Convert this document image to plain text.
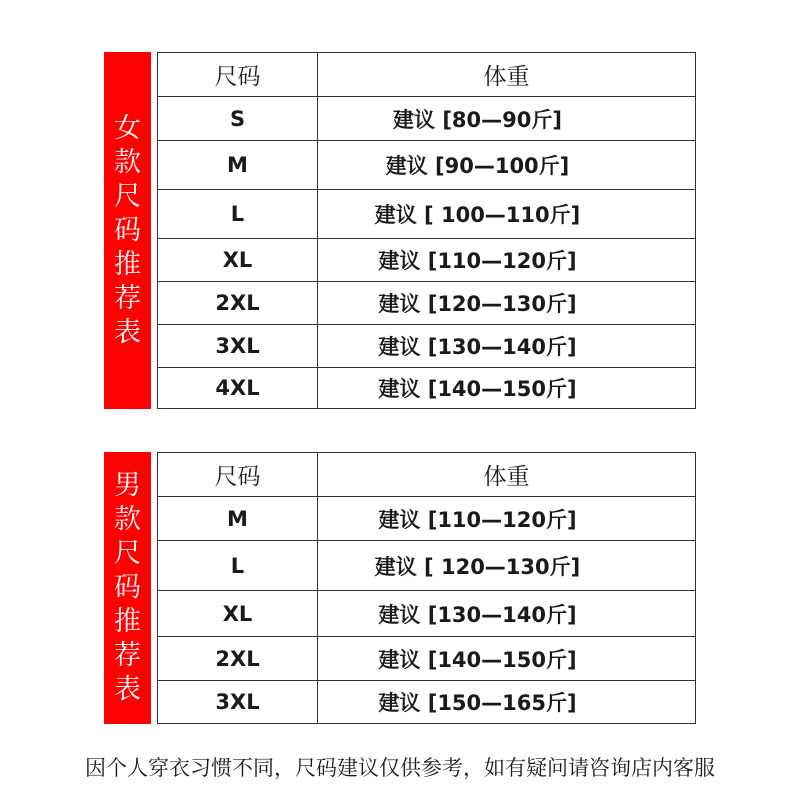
女
款
尺
码
推
荐
表
尺码	体重
S	建议 [80—90斤]
M	建议 [90—100斤]
L	建议 [ 100—110斤]
XL	建议 [110—120斤]
2XL	建议 [120—130斤]
3XL	建议 [130—140斤]
4XL	建议 [140—150斤]
男
款
尺
码
推
荐
表
尺码	体重
M	建议 [110—120斤]
L	建议 [ 120—130斤]
XL	建议 [130—140斤]
2XL	建议 [140—150斤]
3XL	建议 [150—165斤]
因个人穿衣习惯不同，尺码建议仅供参考，如有疑问请咨询店内客服
